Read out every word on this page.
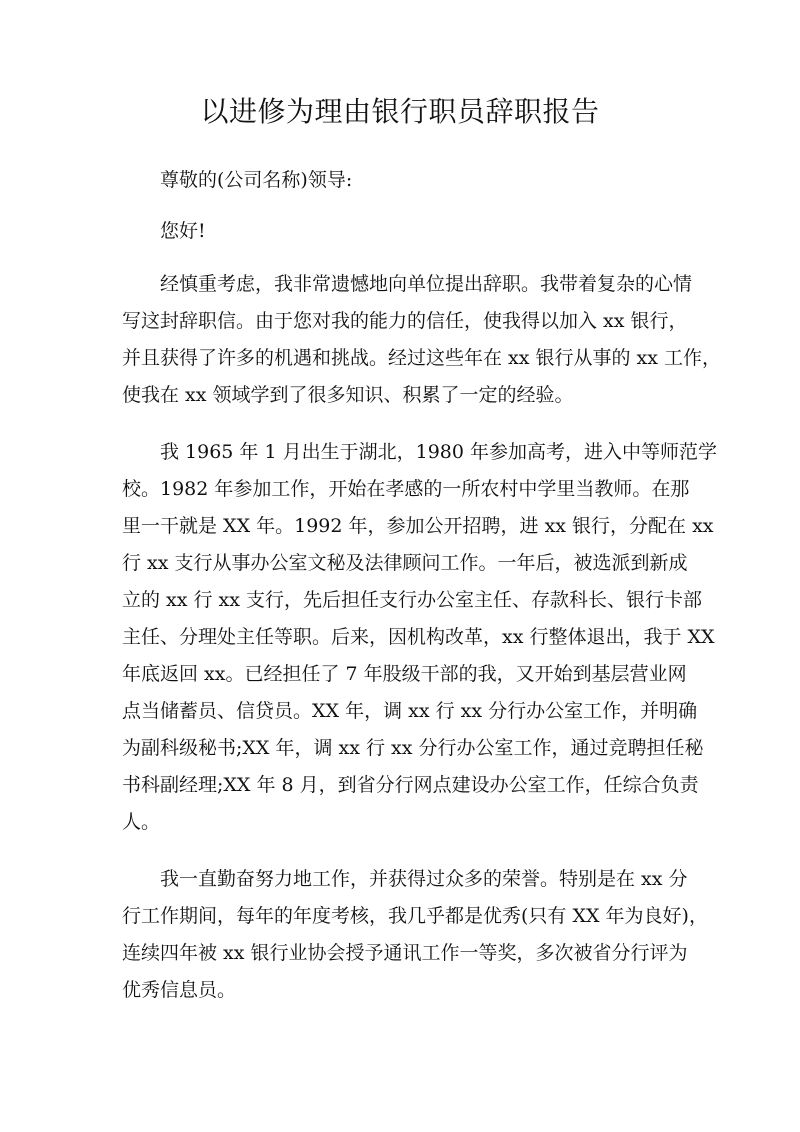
以进修为理由银行职员辞职报告

尊敬的(公司名称)领导:

您好!

经慎重考虑，我非常遗憾地向单位提出辞职。我带着复杂的心情
写这封辞职信。由于您对我的能力的信任，使我得以加入 xx 银行，
并且获得了许多的机遇和挑战。经过这些年在 xx 银行从事的 xx 工作，
使我在 xx 领域学到了很多知识、积累了一定的经验。
我 1965 年 1 月出生于湖北，1980 年参加高考，进入中等师范学
校。1982 年参加工作，开始在孝感的一所农村中学里当教师。在那
里一干就是 XX 年。1992 年，参加公开招聘，进 xx 银行，分配在 xx
行 xx 支行从事办公室文秘及法律顾问工作。一年后，被选派到新成
立的 xx 行 xx 支行，先后担任支行办公室主任、存款科长、银行卡部
主任、分理处主任等职。后来，因机构改革，xx 行整体退出，我于 XX
年底返回 xx。已经担任了 7 年股级干部的我，又开始到基层营业网
点当储蓄员、信贷员。XX 年，调 xx 行 xx 分行办公室工作，并明确
为副科级秘书;XX 年，调 xx 行 xx 分行办公室工作，通过竞聘担任秘
书科副经理;XX 年 8 月，到省分行网点建设办公室工作，任综合负责
人。
我一直勤奋努力地工作，并获得过众多的荣誉。特别是在 xx 分
行工作期间，每年的年度考核，我几乎都是优秀(只有 XX 年为良好)，
连续四年被 xx 银行业协会授予通讯工作一等奖，多次被省分行评为
优秀信息员。
